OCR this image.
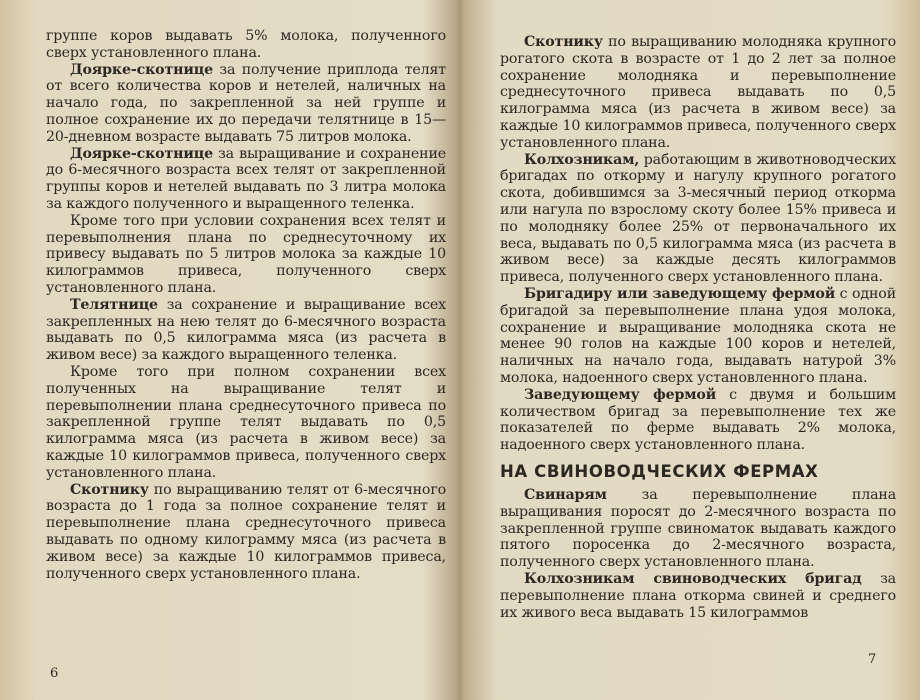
группе коров выдавать 5% молока, полученного сверх установленного плана.

Доярке-скотнице за получение приплода телят от всего количества коров и нетелей, наличных на начало года, по закрепленной за ней группе и полное сохранение их до передачи телятнице в 15—20-дневном возрасте выдавать 75 литров молока.

Доярке-скотнице за выращивание и сохранение до 6-месячного возраста всех телят от закрепленной группы коров и нетелей выдавать по 3 литра молока за каждого полученного и выращенного теленка.

Кроме того при условии сохранения всех телят и перевыполнения плана по среднесуточному их привесу выдавать по 5 литров молока за каждые 10 килограммов привеса, полученного сверх установленного плана.

Телятнице за сохранение и выращивание всех закрепленных на нею телят до 6-месячного возраста выдавать по 0,5 килограмма мяса (из расчета в живом весе) за каждого выращенного теленка.

Кроме того при полном сохранении всех полученных на выращивание телят и перевыполнении плана среднесуточного привеса по закрепленной группе телят выдавать по 0,5 килограмма мяса (из расчета в живом весе) за каждые 10 килограммов привеса, полученного сверх установленного плана.

Скотнику по выращиванию телят от 6-месячного возраста до 1 года за полное сохранение телят и перевыполнение плана среднесуточного привеса выдавать по одному килограмму мяса (из расчета в живом весе) за каждые 10 килограммов привеса, полученного сверх установленного плана.

6

Скотнику по выращиванию молодняка крупного рогатого скота в возрасте от 1 до 2 лет за полное сохранение молодняка и перевыполнение среднесуточного привеса выдавать по 0,5 килограмма мяса (из расчета в живом весе) за каждые 10 килограммов привеса, полученного сверх установленного плана.

Колхозникам, работающим в животноводческих бригадах по откорму и нагулу крупного рогатого скота, добившимся за 3-месячный период откорма или нагула по взрослому скоту более 15% привеса и по молодняку более 25% от первоначального их веса, выдавать по 0,5 килограмма мяса (из расчета в живом весе) за каждые десять килограммов привеса, полученного сверх установленного плана.

Бригадиру или заведующему фермой с одной бригадой за перевыполнение плана удоя молока, сохранение и выращивание молодняка скота не менее 90 голов на каждые 100 коров и нетелей, наличных на начало года, выдавать натурой 3% молока, надоенного сверх установленного плана.

Заведующему фермой с двумя и большим количеством бригад за перевыполнение тех же показателей по ферме выдавать 2% молока, надоенного сверх установленного плана.

НА СВИНОВОДЧЕСКИХ ФЕРМАХ

Свинарям за перевыполнение плана выращивания поросят до 2-месячного возраста по закрепленной группе свиноматок выдавать каждого пятого поросенка до 2-месячного возраста, полученного сверх установленного плана.

Колхозникам свиноводческих бригад за перевыполнение плана откорма свиней и среднего их живого веса выдавать 15 килограммов

7
